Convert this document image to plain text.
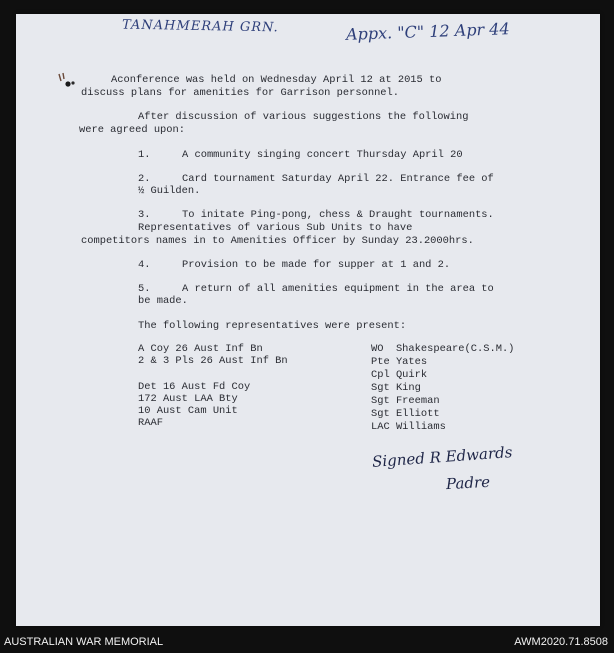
TANAHMERAH GRN.	Appx. "C" 12 Apr 44
Aconference was held on Wednesday April 12 at 2015 to
discuss plans for amenities for Garrison personnel.
After discussion of various suggestions the following
were agreed upon:
1.	A community singing concert Thursday April 20
2.	Card tournament Saturday April 22. Entrance fee of
½ Guilden.
3.	To initate Ping-pong, chess & Draught tournaments.
Representatives of various Sub Units to have
competitors names in to Amenities Officer by Sunday 23.2000hrs.
4.	Provision to be made for supper at 1 and 2.
5.	A return of all amenities equipment in the area to
be made.
The following representatives were present:
A Coy 26 Aust Inf Bn
2 & 3 Pls 26 Aust Inf Bn
Det 16 Aust Fd Coy
172 Aust LAA Bty
10 Aust Cam Unit
RAAF
WO  Shakespeare(C.S.M.)
Pte Yates
Cpl Quirk
Sgt King
Sgt Freeman
Sgt Elliott
LAC Williams
Signed R Edwards
Padre
AUSTRALIAN WAR MEMORIAL	AWM2020.71.8508
